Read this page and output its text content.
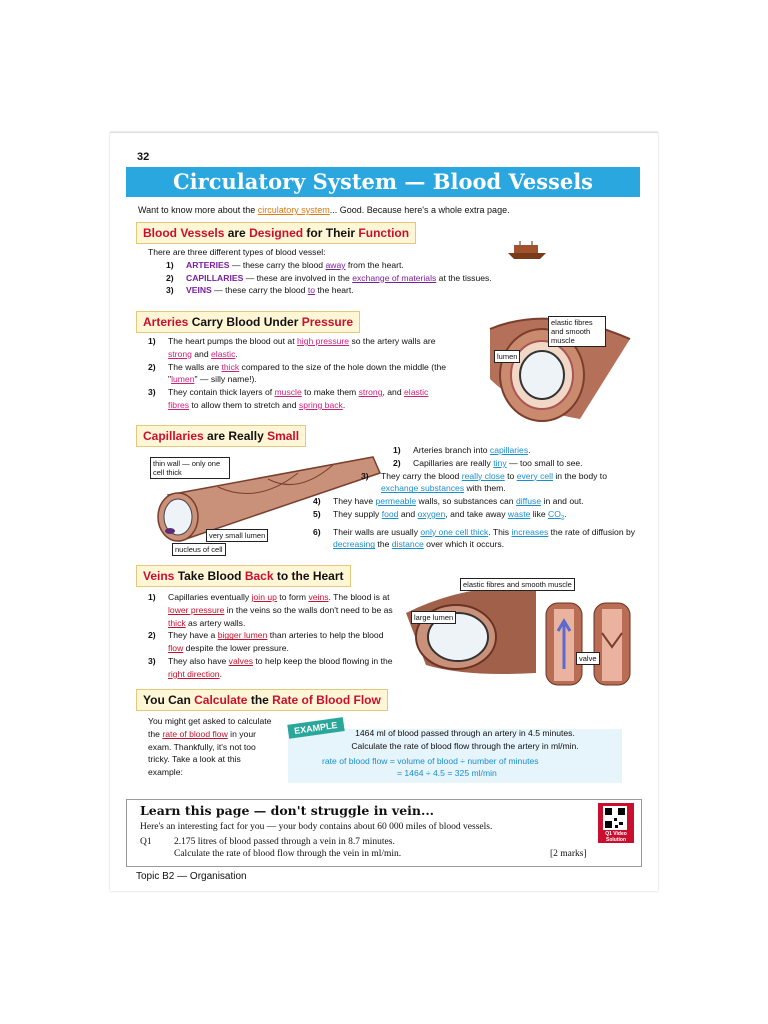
32
Circulatory System — Blood Vessels
Want to know more about the circulatory system... Good. Because here's a whole extra page.
Blood Vessels are Designed for Their Function
There are three different types of blood vessel:
1) ARTERIES — these carry the blood away from the heart.
2) CAPILLARIES — these are involved in the exchange of materials at the tissues.
3) VEINS — these carry the blood to the heart.
Arteries Carry Blood Under Pressure
1)	The heart pumps the blood out at high pressure so the artery walls are strong and elastic.
2)	The walls are thick compared to the size of the hole down the middle (the "lumen" — silly name!).
3)	They contain thick layers of muscle to make them strong, and elastic fibres to allow them to stretch and spring back.
elastic fibres and smooth muscle
lumen
Capillaries are Really Small
thin wall — only one cell thick
very small lumen
nucleus of cell
1) Arteries branch into capillaries.
2) Capillaries are really tiny — too small to see.
3)	They carry the blood really close to every cell in the body to exchange substances with them.
4) They have permeable walls, so substances can diffuse in and out.
5) They supply food and oxygen, and take away waste like $CO_2$.
6)	Their walls are usually only one cell thick. This increases the rate of diffusion by decreasing the distance over which it occurs.
Veins Take Blood Back to the Heart
1)	Capillaries eventually join up to form veins. The blood is at lower pressure in the veins so the walls don't need to be as thick as artery walls.
2)	They have a bigger lumen than arteries to help the blood flow despite the lower pressure.
3)	They also have valves to help keep the blood flowing in the right direction.
elastic fibres and smooth muscle
large lumen
valve
You Can Calculate the Rate of Blood Flow
You might get asked to calculate the rate of blood flow in your exam. Thankfully, it's not too tricky. Take a look at this example:
EXAMPLE	1464 ml of blood passed through an artery in 4.5 minutes.
Calculate the rate of blood flow through the artery in ml/min.
rate of blood flow = volume of blood ÷ number of minutes
= 1464 ÷ 4.5 = 325 ml/min
Learn this page — don't struggle in vein...
Here's an interesting fact for you — your body contains about 60 000 miles of blood vessels.
Q1 2.175 litres of blood passed through a vein in 8.7 minutes.
Calculate the rate of blood flow through the vein in ml/min.	[2 marks]
Q1 Video Solution
Topic B2 — Organisation
